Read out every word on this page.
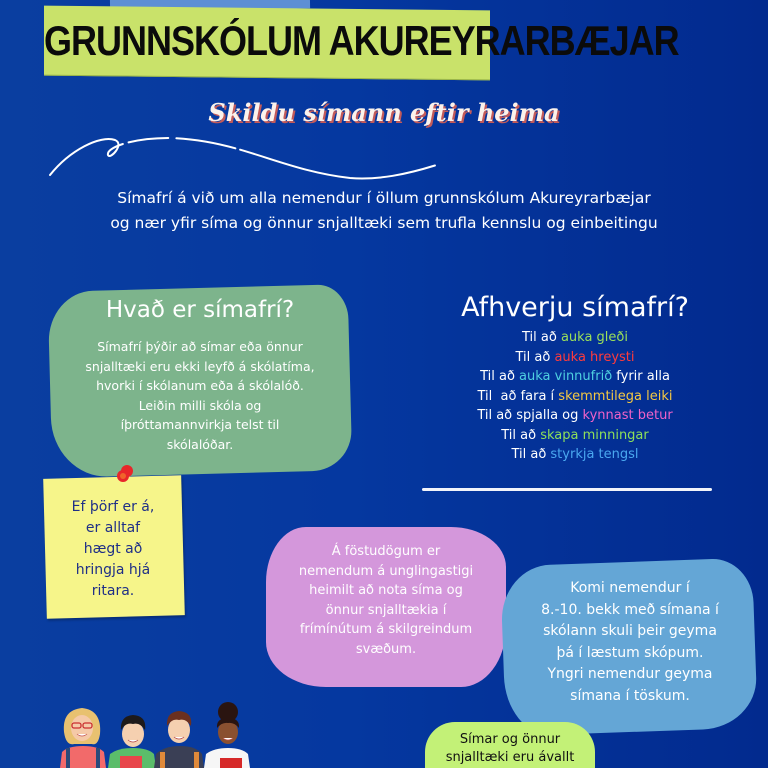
GRUNNSKÓLUM AKUREYRARBÆJAR
Skildu símann eftir heima
Símafrí á við um alla nemendur í öllum grunnskólum Akureyrarbæjar
og nær yfir síma og önnur snjalltæki sem trufla kennslu og einbeitingu
Hvað er símafrí?
Símafrí þýðir að símar eða önnur
snjalltæki eru ekki leyfð á skólatíma,
hvorki í skólanum eða á skólalóð.
Leiðin milli skóla og
íþróttamannvirkja telst til
skólalóðar.
Ef þörf er á,
er alltaf
hægt að
hringja hjá
ritara.
Afhverju símafrí?
Til að auka gleði
Til að auka hreysti
Til að auka vinnufrið fyrir alla
Til  að fara í skemmtilega leiki
Til að spjalla og kynnast betur
Til að skapa minningar
Til að styrkja tengsl
Á föstudögum er
nemendum á unglingastigi
heimilt að nota síma og
önnur snjalltækia í
frímínútum á skilgreindum
svæðum.
Komi nemendur í
8.-10. bekk með símana í
skólann skuli þeir geyma
þá í læstum skópum.
Yngri nemendur geyma
símana í töskum.
Símar og önnur
snjalltæki eru ávallt
